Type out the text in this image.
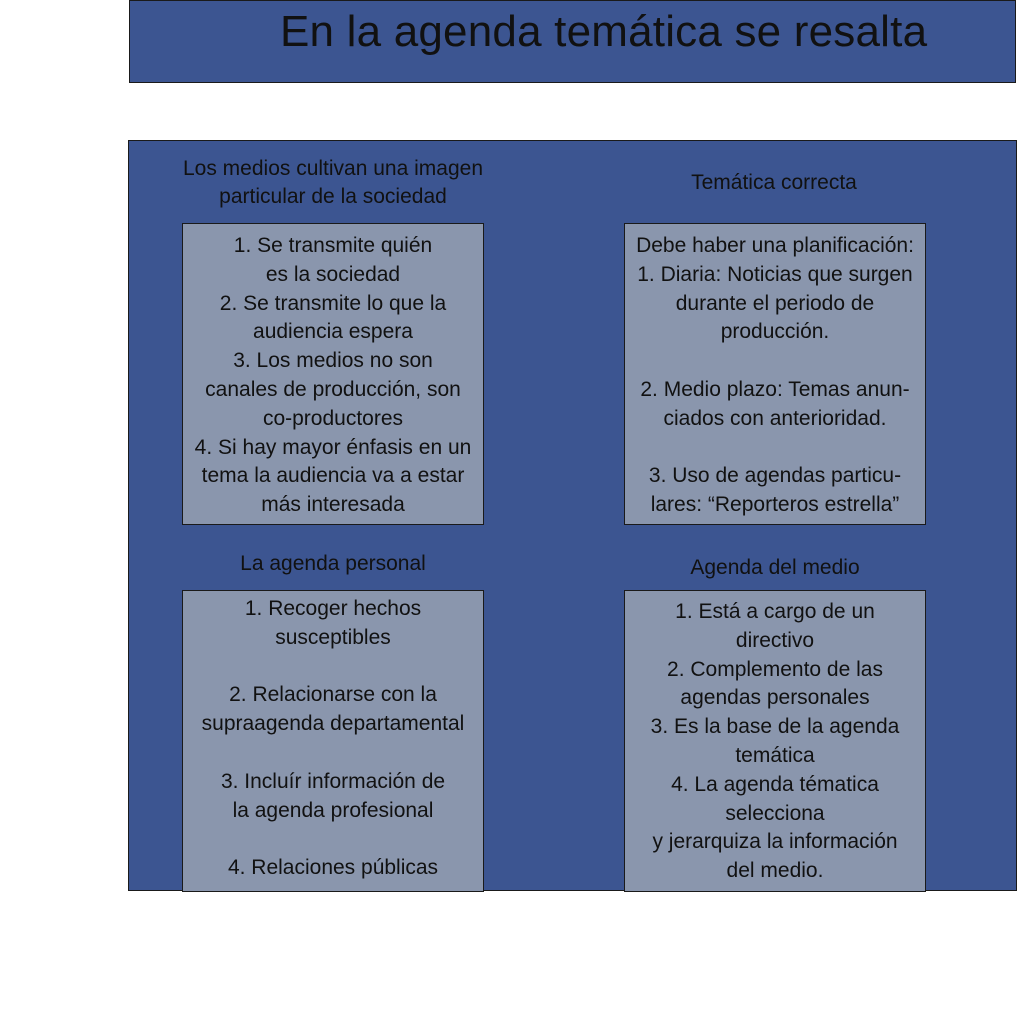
En la agenda temática se resalta
Los medios cultivan una imagen
particular de la sociedad

1. Se transmite quién
es la sociedad
2. Se transmite lo que la
audiencia espera
3. Los medios no son
canales de producción, son
co-productores
4. Si hay mayor énfasis en un
tema la audiencia va a estar
más interesada

Temática correcta

Debe haber una planificación:
1. Diaria: Noticias que surgen
durante el periodo de
producción.

2. Medio plazo: Temas anun-
ciados con anterioridad.

3. Uso de agendas particu-
lares: “Reporteros estrella”

La agenda personal

1. Recoger hechos
susceptibles

2. Relacionarse con la
supraagenda departamental

3. Incluír información de
la agenda profesional

4. Relaciones públicas

Agenda del medio

1. Está a cargo de un
directivo
2. Complemento de las
agendas personales
3. Es la base de la agenda
temática
4. La agenda tématica
selecciona
y jerarquiza la información
del medio.
